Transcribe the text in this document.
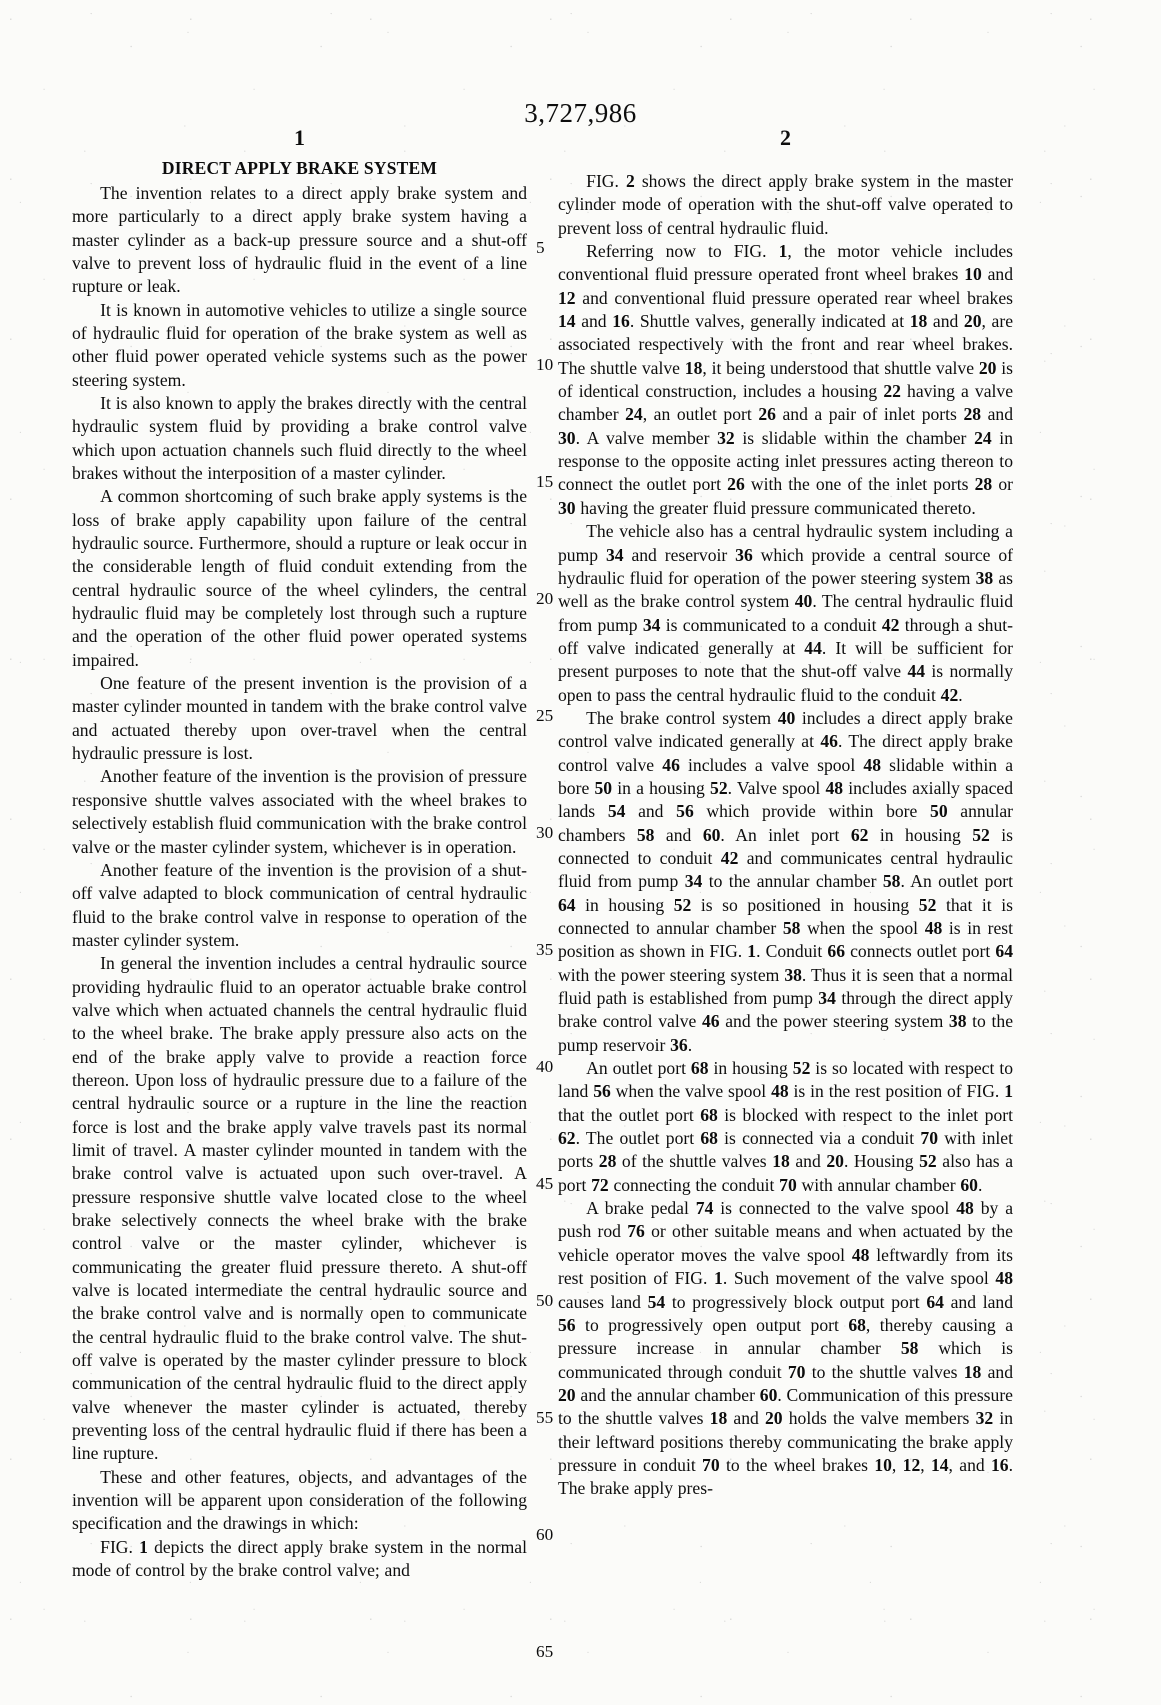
3,727,986
1
DIRECT APPLY BRAKE SYSTEM

The invention relates to a direct apply brake system and more particularly to a direct apply brake system having a master cylinder as a back-up pressure source and a shut-off valve to prevent loss of hydraulic fluid in the event of a line rupture or leak.

It is known in automotive vehicles to utilize a single source of hydraulic fluid for operation of the brake system as well as other fluid power operated vehicle systems such as the power steering system.

It is also known to apply the brakes directly with the central hydraulic system fluid by providing a brake control valve which upon actuation channels such fluid directly to the wheel brakes without the interposition of a master cylinder.

A common shortcoming of such brake apply systems is the loss of brake apply capability upon failure of the central hydraulic source. Furthermore, should a rupture or leak occur in the considerable length of fluid conduit extending from the central hydraulic source of the wheel cylinders, the central hydraulic fluid may be completely lost through such a rupture and the operation of the other fluid power operated systems impaired.

One feature of the present invention is the provision of a master cylinder mounted in tandem with the brake control valve and actuated thereby upon over-travel when the central hydraulic pressure is lost.

Another feature of the invention is the provision of pressure responsive shuttle valves associated with the wheel brakes to selectively establish fluid communication with the brake control valve or the master cylinder system, whichever is in operation.

Another feature of the invention is the provision of a shut-off valve adapted to block communication of central hydraulic fluid to the brake control valve in response to operation of the master cylinder system.

In general the invention includes a central hydraulic source providing hydraulic fluid to an operator actuable brake control valve which when actuated channels the central hydraulic fluid to the wheel brake. The brake apply pressure also acts on the end of the brake apply valve to provide a reaction force thereon. Upon loss of hydraulic pressure due to a failure of the central hydraulic source or a rupture in the line the reaction force is lost and the brake apply valve travels past its normal limit of travel. A master cylinder mounted in tandem with the brake control valve is actuated upon such over-travel. A pressure responsive shuttle valve located close to the wheel brake selectively connects the wheel brake with the brake control valve or the master cylinder, whichever is communicating the greater fluid pressure thereto. A shut-off valve is located intermediate the central hydraulic source and the brake control valve and is normally open to communicate the central hydraulic fluid to the brake control valve. The shut-off valve is operated by the master cylinder pressure to block communication of the central hydraulic fluid to the direct apply valve whenever the master cylinder is actuated, thereby preventing loss of the central hydraulic fluid if there has been a line rupture.

These and other features, objects, and advantages of the invention will be apparent upon consideration of the following specification and the drawings in which:

FIG. 1 depicts the direct apply brake system in the normal mode of control by the brake control valve; and

5
10
15
20
25
30
35
40
45
50
55
60
65
2

FIG. 2 shows the direct apply brake system in the master cylinder mode of operation with the shut-off valve operated to prevent loss of central hydraulic fluid.

Referring now to FIG. 1, the motor vehicle includes conventional fluid pressure operated front wheel brakes 10 and 12 and conventional fluid pressure operated rear wheel brakes 14 and 16. Shuttle valves, generally indicated at 18 and 20, are associated respectively with the front and rear wheel brakes. The shuttle valve 18, it being understood that shuttle valve 20 is of identical construction, includes a housing 22 having a valve chamber 24, an outlet port 26 and a pair of inlet ports 28 and 30. A valve member 32 is slidable within the chamber 24 in response to the opposite acting inlet pressures acting thereon to connect the outlet port 26 with the one of the inlet ports 28 or 30 having the greater fluid pressure communicated thereto.

The vehicle also has a central hydraulic system including a pump 34 and reservoir 36 which provide a central source of hydraulic fluid for operation of the power steering system 38 as well as the brake control system 40. The central hydraulic fluid from pump 34 is communicated to a conduit 42 through a shut-off valve indicated generally at 44. It will be sufficient for present purposes to note that the shut-off valve 44 is normally open to pass the central hydraulic fluid to the conduit 42.

The brake control system 40 includes a direct apply brake control valve indicated generally at 46. The direct apply brake control valve 46 includes a valve spool 48 slidable within a bore 50 in a housing 52. Valve spool 48 includes axially spaced lands 54 and 56 which provide within bore 50 annular chambers 58 and 60. An inlet port 62 in housing 52 is connected to conduit 42 and communicates central hydraulic fluid from pump 34 to the annular chamber 58. An outlet port 64 in housing 52 is so positioned in housing 52 that it is connected to annular chamber 58 when the spool 48 is in rest position as shown in FIG. 1. Conduit 66 connects outlet port 64 with the power steering system 38. Thus it is seen that a normal fluid path is established from pump 34 through the direct apply brake control valve 46 and the power steering system 38 to the pump reservoir 36.

An outlet port 68 in housing 52 is so located with respect to land 56 when the valve spool 48 is in the rest position of FIG. 1 that the outlet port 68 is blocked with respect to the inlet port 62. The outlet port 68 is connected via a conduit 70 with inlet ports 28 of the shuttle valves 18 and 20. Housing 52 also has a port 72 connecting the conduit 70 with annular chamber 60.

A brake pedal 74 is connected to the valve spool 48 by a push rod 76 or other suitable means and when actuated by the vehicle operator moves the valve spool 48 leftwardly from its rest position of FIG. 1. Such movement of the valve spool 48 causes land 54 to progressively block output port 64 and land 56 to progressively open output port 68, thereby causing a pressure increase in annular chamber 58 which is communicated through conduit 70 to the shuttle valves 18 and 20 and the annular chamber 60. Communication of this pressure to the shuttle valves 18 and 20 holds the valve members 32 in their leftward positions thereby communicating the brake apply pressure in conduit 70 to the wheel brakes 10, 12, 14, and 16. The brake apply pres-
